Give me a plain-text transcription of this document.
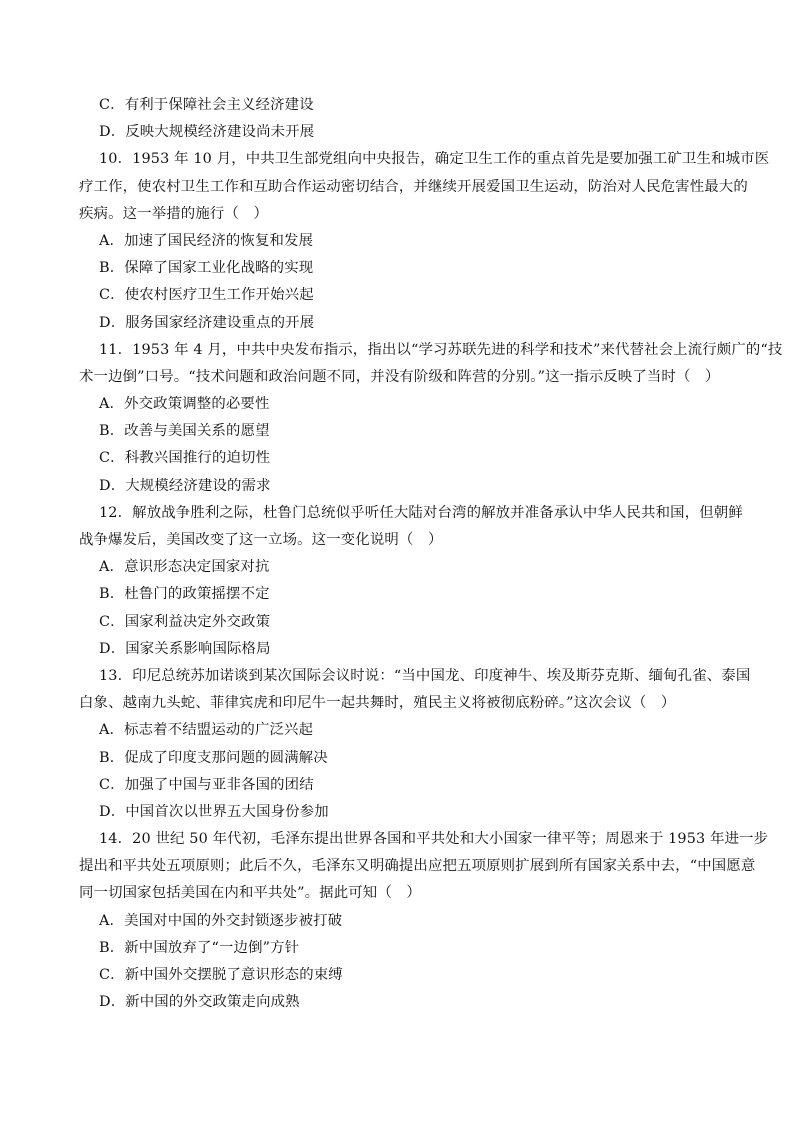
C．有利于保障社会主义经济建设
D．反映大规模经济建设尚未开展
10．1953 年 10 月，中共卫生部党组向中央报告，确定卫生工作的重点首先是要加强工矿卫生和城市医
疗工作，使农村卫生工作和互助合作运动密切结合，并继续开展爱国卫生运动，防治对人民危害性最大的
疾病。这一举措的施行（　）
A．加速了国民经济的恢复和发展
B．保障了国家工业化战略的实现
C．使农村医疗卫生工作开始兴起
D．服务国家经济建设重点的开展
11．1953 年 4 月，中共中央发布指示，指出以“学习苏联先进的科学和技术”来代替社会上流行颇广的“技
术一边倒”口号。“技术问题和政治问题不同，并没有阶级和阵营的分别。”这一指示反映了当时（　）
A．外交政策调整的必要性
B．改善与美国关系的愿望
C．科教兴国推行的迫切性
D．大规模经济建设的需求
12．解放战争胜利之际，杜鲁门总统似乎听任大陆对台湾的解放并准备承认中华人民共和国，但朝鲜
战争爆发后，美国改变了这一立场。这一变化说明（　）
A．意识形态决定国家对抗
B．杜鲁门的政策摇摆不定
C．国家利益决定外交政策
D．国家关系影响国际格局
13．印尼总统苏加诺谈到某次国际会议时说：“当中国龙、印度神牛、埃及斯芬克斯、缅甸孔雀、泰国
白象、越南九头蛇、菲律宾虎和印尼牛一起共舞时，殖民主义将被彻底粉碎。”这次会议（　）
A．标志着不结盟运动的广泛兴起
B．促成了印度支那问题的圆满解决
C．加强了中国与亚非各国的团结
D．中国首次以世界五大国身份参加
14．20 世纪 50 年代初，毛泽东提出世界各国和平共处和大小国家一律平等；周恩来于 1953 年进一步
提出和平共处五项原则；此后不久，毛泽东又明确提出应把五项原则扩展到所有国家关系中去，“中国愿意
同一切国家包括美国在内和平共处”。据此可知（　）
A．美国对中国的外交封锁逐步被打破
B．新中国放弃了“一边倒”方针
C．新中国外交摆脱了意识形态的束缚
D．新中国的外交政策走向成熟
